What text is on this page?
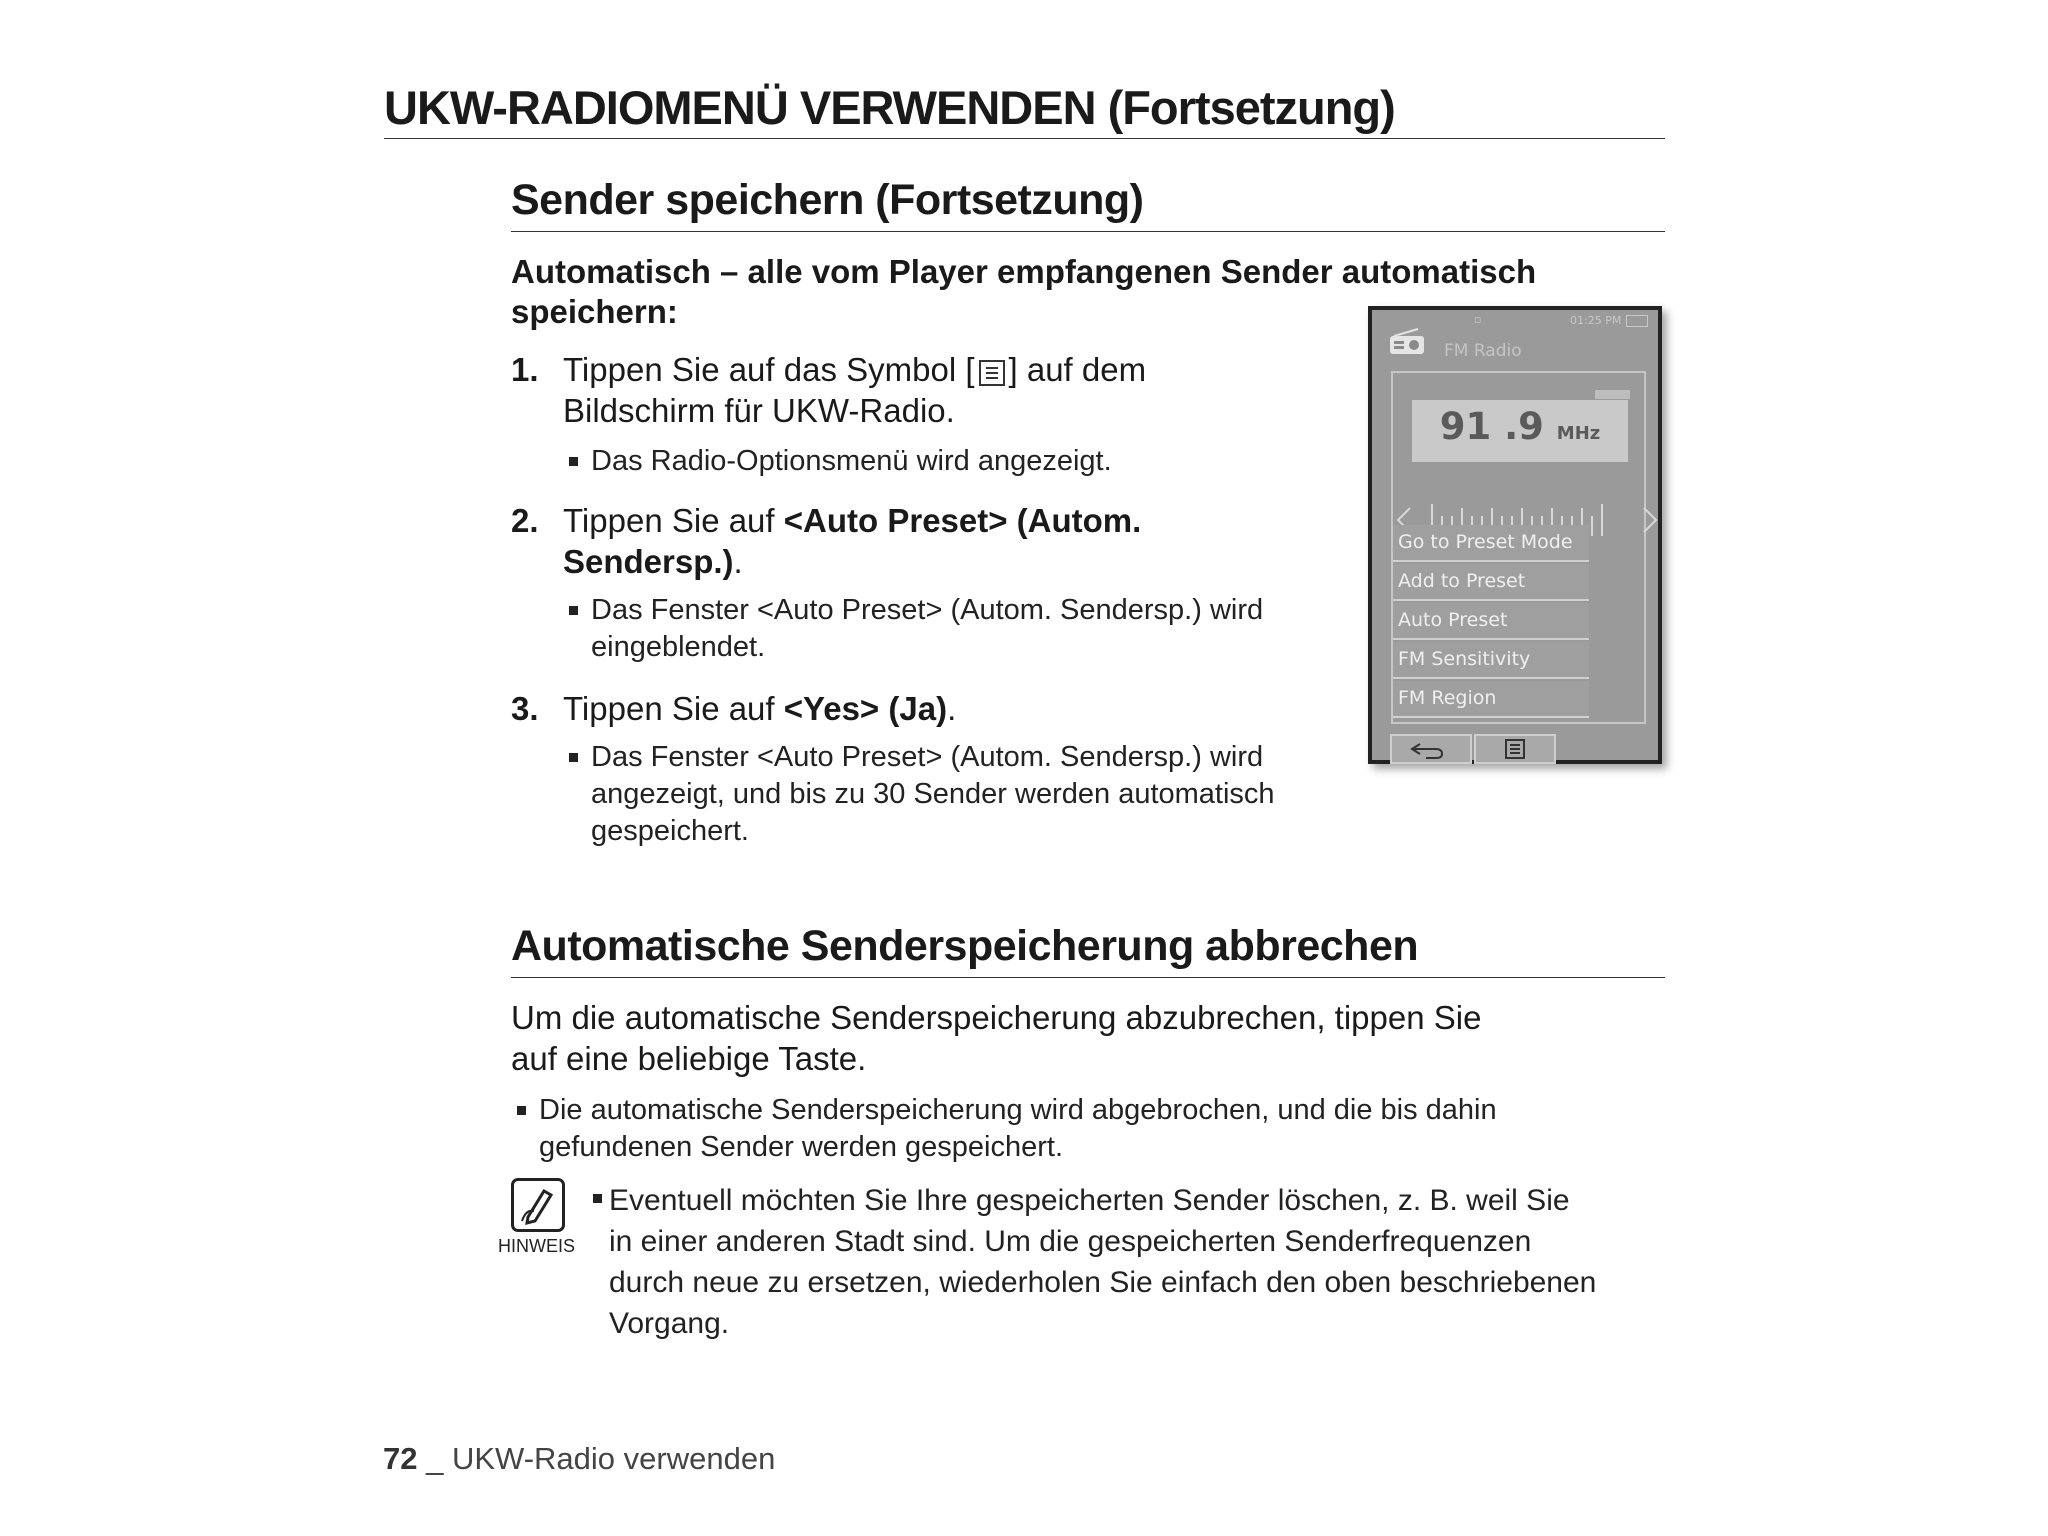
UKW-RADIOMENÜ VERWENDEN (Fortsetzung)
Sender speichern (Fortsetzung)

Automatisch – alle vom Player empfangenen Sender automatisch
speichern:

1. Tippen Sie auf das Symbol [ ] auf dem
Bildschirm für UKW-Radio.
Das Radio-Optionsmenü wird angezeigt.
2. Tippen Sie auf <Auto Preset> (Autom.
Sendersp.).
Das Fenster <Auto Preset> (Autom. Sendersp.) wird
eingeblendet.
3. Tippen Sie auf <Yes> (Ja).
Das Fenster <Auto Preset> (Autom. Sendersp.) wird
angezeigt, und bis zu 30 Sender werden automatisch
gespeichert.
▫	01:25 PM
FM Radio
91 .9 MHz
Go to Preset Mode
Add to Preset
Auto Preset
FM Sensitivity
FM Region
Automatische Senderspeicherung abbrechen

Um die automatische Senderspeicherung abzubrechen, tippen Sie
auf eine beliebige Taste.

Die automatische Senderspeicherung wird abgebrochen, und die bis dahin
gefundenen Sender werden gespeichert.
HINWEIS
Eventuell möchten Sie Ihre gespeicherten Sender löschen, z. B. weil Sie
in einer anderen Stadt sind. Um die gespeicherten Senderfrequenzen
durch neue zu ersetzen, wiederholen Sie einfach den oben beschriebenen
Vorgang.
72 _ UKW-Radio verwenden
